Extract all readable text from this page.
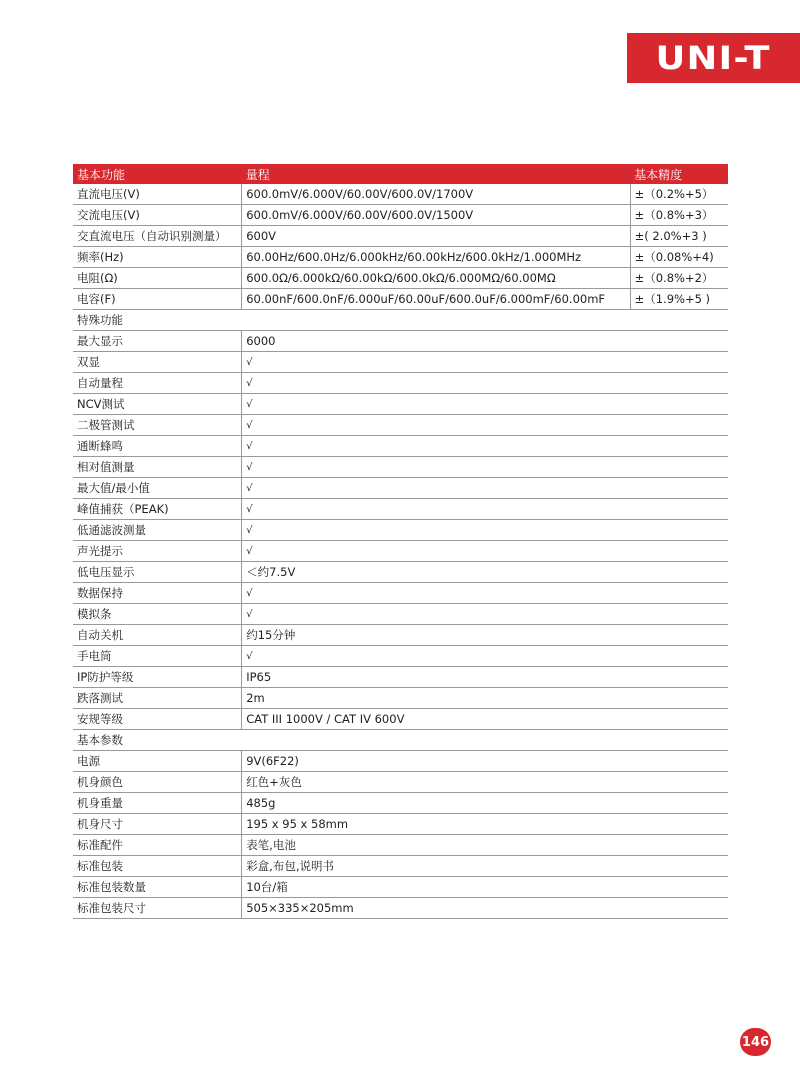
UNI-T
基本功能	量程	基本精度
直流电压(V)	600.0mV/6.000V/60.00V/600.0V/1700V	±（0.2%+5）
交流电压(V)	600.0mV/6.000V/60.00V/600.0V/1500V	±（0.8%+3）
交直流电压（自动识别测量）	600V	±( 2.0%+3 )
频率(Hz)	60.00Hz/600.0Hz/6.000kHz/60.00kHz/600.0kHz/1.000MHz	±（0.08%+4)
电阻(Ω)	600.0Ω/6.000kΩ/60.00kΩ/600.0kΩ/6.000MΩ/60.00MΩ	±（0.8%+2）
电容(F)	60.00nF/600.0nF/6.000uF/60.00uF/600.0uF/6.000mF/60.00mF	±（1.9%+5 )
特殊功能		
最大显示	6000	
双显	√	
自动量程	√	
NCV测试	√	
二极管测试	√	
通断蜂鸣	√	
相对值测量	√	
最大值/最小值	√	
峰值捕获（PEAK)	√	
低通滤波测量	√	
声光提示	√	
低电压显示	＜约7.5V	
数据保持	√	
模拟条	√	
自动关机	约15分钟	
手电筒	√	
IP防护等级	IP65	
跌落测试	2m	
安规等级	CAT III 1000V / CAT IV 600V	
基本参数		
电源	9V(6F22)	
机身颜色	红色+灰色	
机身重量	485g	
机身尺寸	195 x 95 x 58mm	
标准配件	表笔,电池	
标准包装	彩盒,布包,说明书	
标准包装数量	10台/箱	
标准包装尺寸	505×335×205mm	
146
